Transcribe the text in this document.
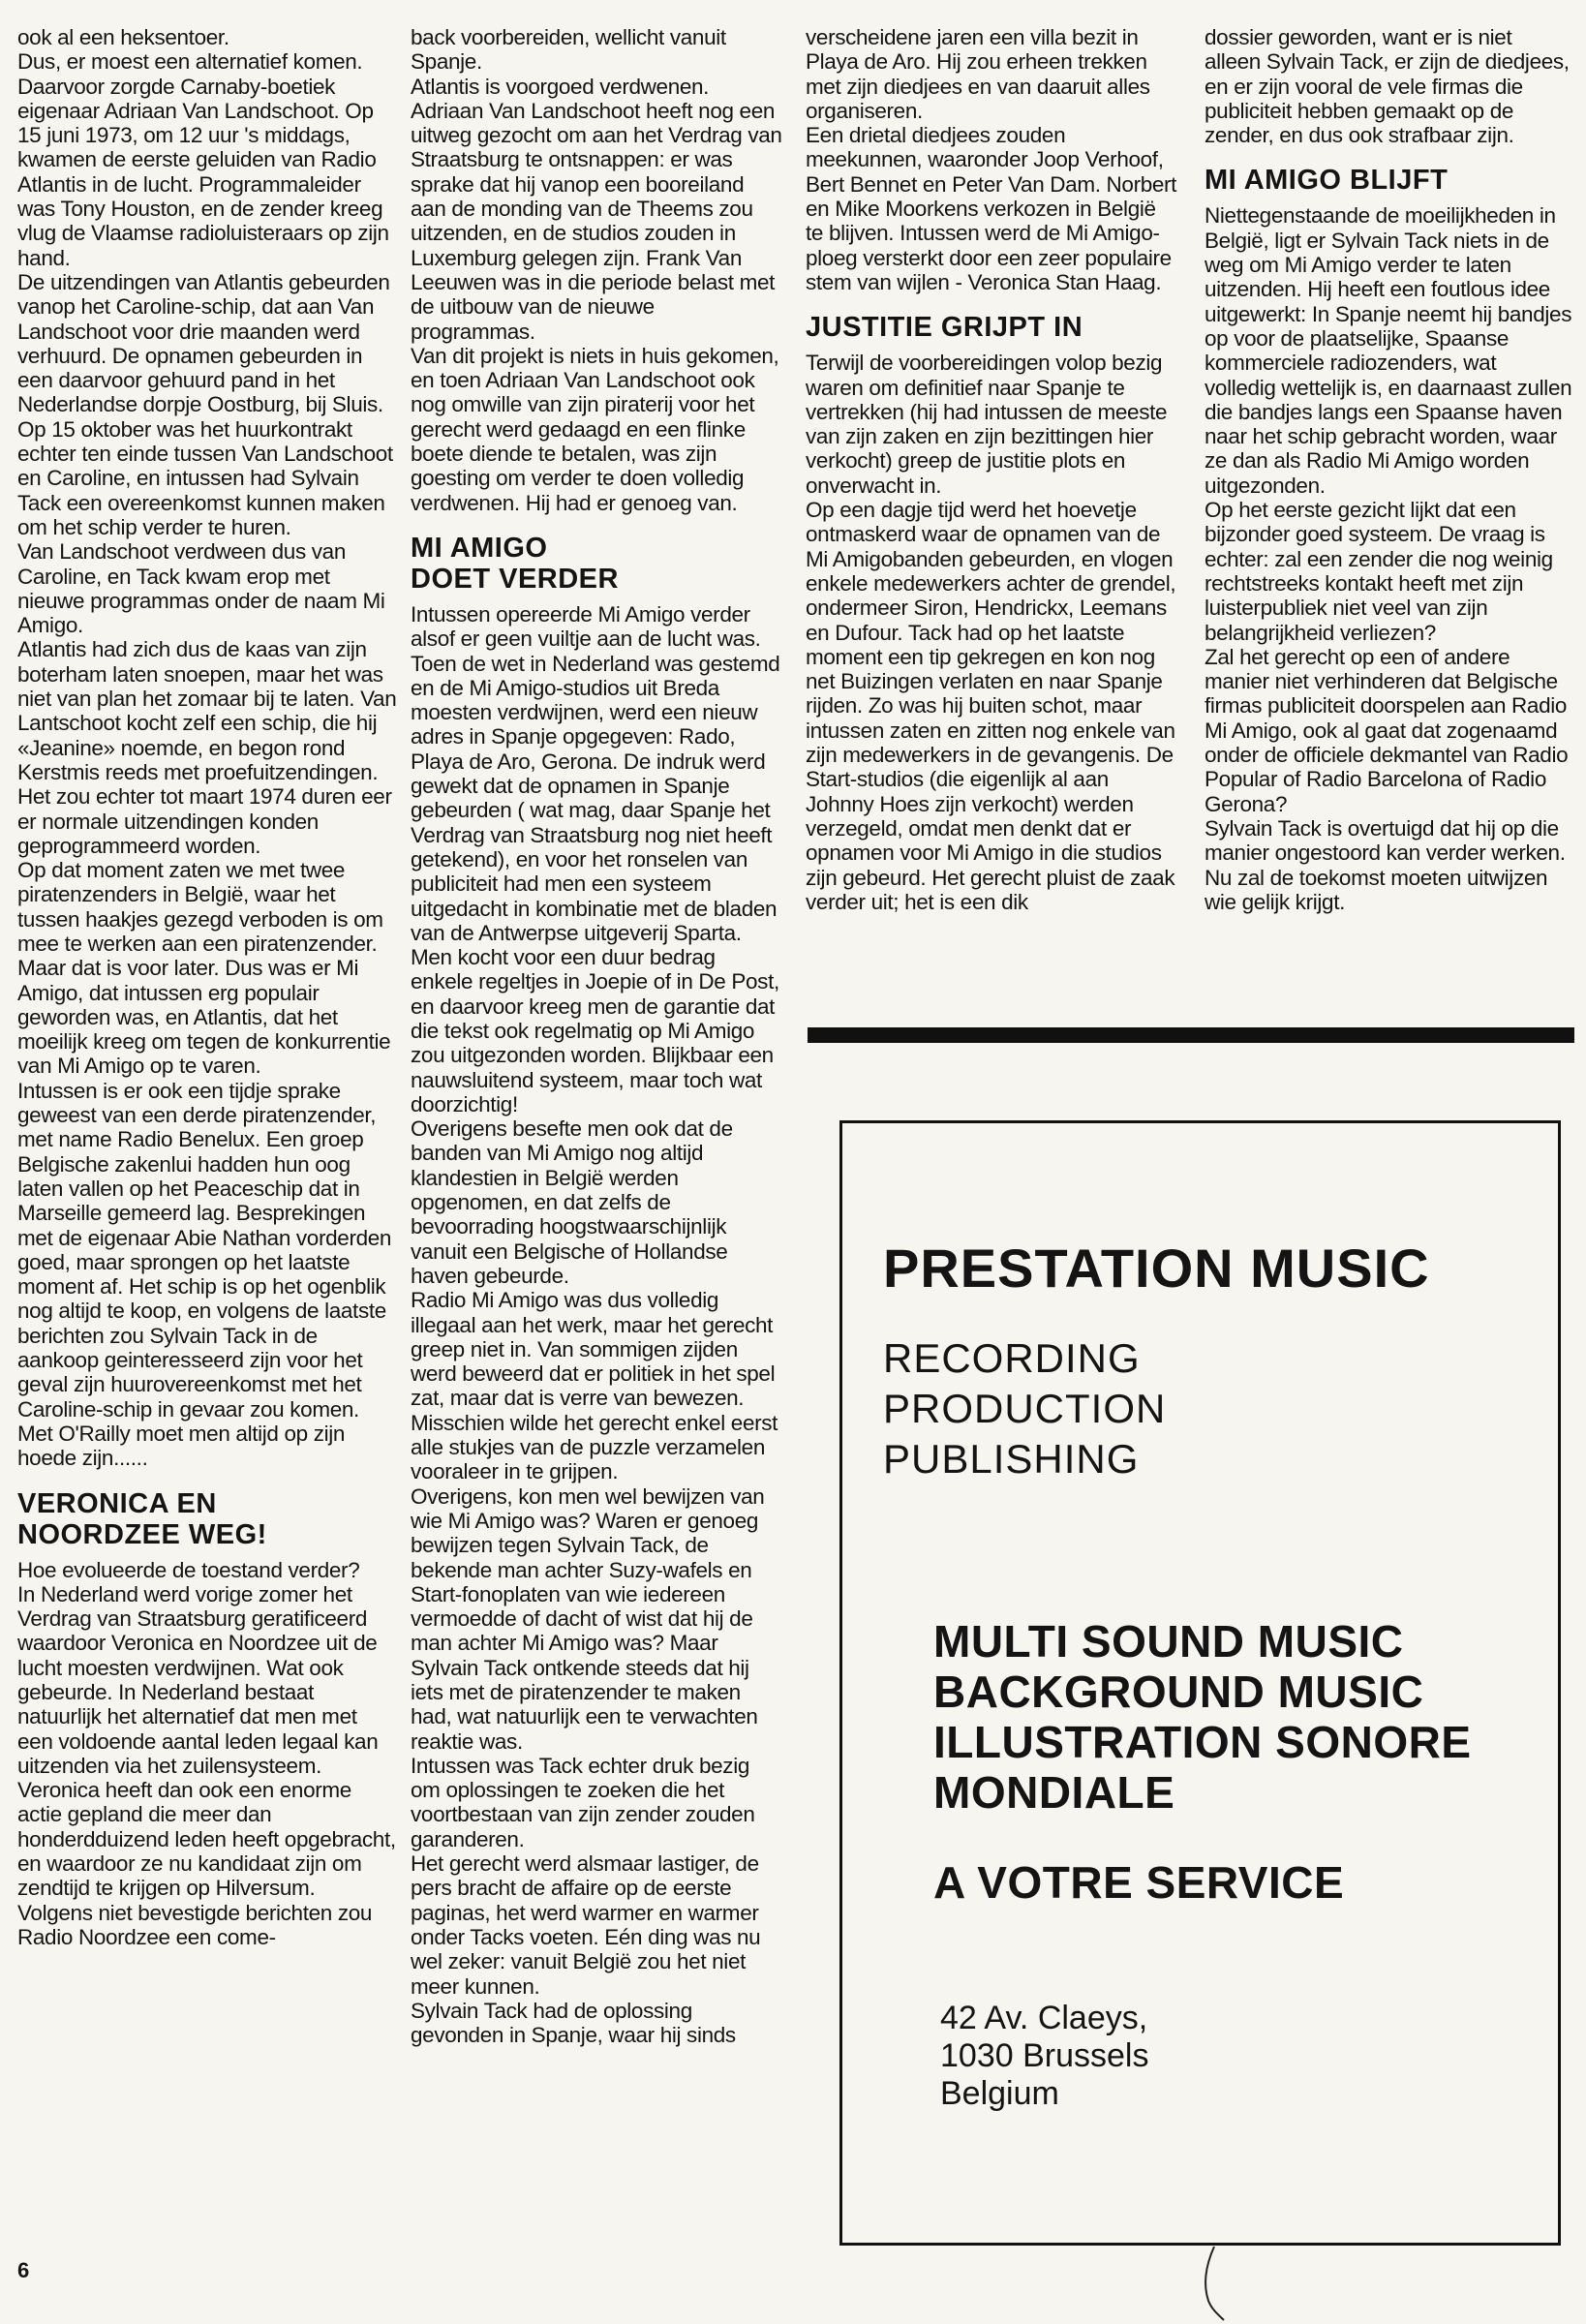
ook al een heksentoer.

Dus, er moest een alternatief komen.

Daarvoor zorgde Carnaby-boetiek eigenaar Adriaan Van Landschoot. Op 15 juni 1973, om 12 uur 's middags, kwamen de eerste geluiden van Radio Atlantis in de lucht. Programmaleider was Tony Houston, en de zender kreeg vlug de Vlaamse radioluisteraars op zijn hand.

De uitzendingen van Atlantis gebeurden vanop het Caroline-schip, dat aan Van Landschoot voor drie maanden werd verhuurd. De opnamen gebeurden in een daarvoor gehuurd pand in het Nederlandse dorpje Oostburg, bij Sluis.

Op 15 oktober was het huurkontrakt echter ten einde tussen Van Landschoot en Caroline, en intussen had Sylvain Tack een overeenkomst kunnen maken om het schip verder te huren.

Van Landschoot verdween dus van Caroline, en Tack kwam erop met nieuwe programmas onder de naam Mi Amigo.

Atlantis had zich dus de kaas van zijn boterham laten snoepen, maar het was niet van plan het zomaar bij te laten. Van Lantschoot kocht zelf een schip, die hij «Jeanine» noemde, en begon rond Kerstmis reeds met proefuitzendingen. Het zou echter tot maart 1974 duren eer er normale uitzendingen konden geprogrammeerd worden.

Op dat moment zaten we met twee piratenzenders in België, waar het tussen haakjes gezegd verboden is om mee te werken aan een piratenzender. Maar dat is voor later. Dus was er Mi Amigo, dat intussen erg populair geworden was, en Atlantis, dat het moeilijk kreeg om tegen de konkurrentie van Mi Amigo op te varen.

Intussen is er ook een tijdje sprake geweest van een derde piratenzender, met name Radio Benelux. Een groep Belgische zakenlui hadden hun oog laten vallen op het Peaceschip dat in Marseille gemeerd lag. Besprekingen met de eigenaar Abie Nathan vorderden goed, maar sprongen op het laatste moment af. Het schip is op het ogenblik nog altijd te koop, en volgens de laatste berichten zou Sylvain Tack in de aankoop geinteresseerd zijn voor het geval zijn huurovereenkomst met het Caroline-schip in gevaar zou komen. Met O'Railly moet men altijd op zijn hoede zijn......

VERONICA EN
NOORDZEE WEG!

Hoe evolueerde de toestand verder?

In Nederland werd vorige zomer het Verdrag van Straatsburg geratificeerd waardoor Veronica en Noordzee uit de lucht moesten verdwijnen. Wat ook gebeurde. In Nederland bestaat natuurlijk het alternatief dat men met een voldoende aantal leden legaal kan uitzenden via het zuilensysteem. Veronica heeft dan ook een enorme actie gepland die meer dan honderdduizend leden heeft opgebracht, en waardoor ze nu kandidaat zijn om zendtijd te krijgen op Hilversum.

Volgens niet bevestigde berichten zou Radio Noordzee een come-

back voorbereiden, wellicht vanuit Spanje.

Atlantis is voorgoed verdwenen. Adriaan Van Landschoot heeft nog een uitweg gezocht om aan het Verdrag van Straatsburg te ontsnappen: er was sprake dat hij vanop een booreiland aan de monding van de Theems zou uitzenden, en de studios zouden in Luxemburg gelegen zijn. Frank Van Leeuwen was in die periode belast met de uitbouw van de nieuwe programmas.

Van dit projekt is niets in huis gekomen, en toen Adriaan Van Landschoot ook nog omwille van zijn piraterij voor het gerecht werd gedaagd en een flinke boete diende te betalen, was zijn goesting om verder te doen volledig verdwenen. Hij had er genoeg van.

MI AMIGO
DOET VERDER

Intussen opereerde Mi Amigo verder alsof er geen vuiltje aan de lucht was. Toen de wet in Nederland was gestemd en de Mi Amigo-studios uit Breda moesten verdwijnen, werd een nieuw adres in Spanje opgegeven: Rado, Playa de Aro, Gerona. De indruk werd gewekt dat de opnamen in Spanje gebeurden ( wat mag, daar Spanje het Verdrag van Straatsburg nog niet heeft getekend), en voor het ronselen van publiciteit had men een systeem uitgedacht in kombinatie met de bladen van de Antwerpse uitgeverij Sparta. Men kocht voor een duur bedrag enkele regeltjes in Joepie of in De Post, en daarvoor kreeg men de garantie dat die tekst ook regelmatig op Mi Amigo zou uitgezonden worden. Blijkbaar een nauwsluitend systeem, maar toch wat doorzichtig!

Overigens besefte men ook dat de banden van Mi Amigo nog altijd klandestien in België werden opgenomen, en dat zelfs de bevoorrading hoogstwaarschijnlijk vanuit een Belgische of Hollandse haven gebeurde.

Radio Mi Amigo was dus volledig illegaal aan het werk, maar het gerecht greep niet in. Van sommigen zijden werd beweerd dat er politiek in het spel zat, maar dat is verre van bewezen. Misschien wilde het gerecht enkel eerst alle stukjes van de puzzle verzamelen vooraleer in te grijpen.

Overigens, kon men wel bewijzen van wie Mi Amigo was? Waren er genoeg bewijzen tegen Sylvain Tack, de bekende man achter Suzy-wafels en Start-fonoplaten van wie iedereen vermoedde of dacht of wist dat hij de man achter Mi Amigo was? Maar Sylvain Tack ontkende steeds dat hij iets met de piratenzender te maken had, wat natuurlijk een te verwachten reaktie was.

Intussen was Tack echter druk bezig om oplossingen te zoeken die het voortbestaan van zijn zender zouden garanderen.

Het gerecht werd alsmaar lastiger, de pers bracht de affaire op de eerste paginas, het werd warmer en warmer onder Tacks voeten. Eén ding was nu wel zeker: vanuit België zou het niet meer kunnen.

Sylvain Tack had de oplossing gevonden in Spanje, waar hij sinds

verscheidene jaren een villa bezit in Playa de Aro. Hij zou erheen trekken met zijn diedjees en van daaruit alles organiseren.

Een drietal diedjees zouden meekunnen, waaronder Joop Verhoof, Bert Bennet en Peter Van Dam. Norbert en Mike Moorkens verkozen in België te blijven. Intussen werd de Mi Amigo-ploeg versterkt door een zeer populaire stem van wijlen - Veronica Stan Haag.

JUSTITIE GRIJPT IN

Terwijl de voorbereidingen volop bezig waren om definitief naar Spanje te vertrekken (hij had intussen de meeste van zijn zaken en zijn bezittingen hier verkocht) greep de justitie plots en onverwacht in.

Op een dagje tijd werd het hoevetje ontmaskerd waar de opnamen van de Mi Amigobanden gebeurden, en vlogen enkele medewerkers achter de grendel, ondermeer Siron, Hendrickx, Leemans en Dufour. Tack had op het laatste moment een tip gekregen en kon nog net Buizingen verlaten en naar Spanje rijden. Zo was hij buiten schot, maar intussen zaten en zitten nog enkele van zijn medewerkers in de gevangenis. De Start-studios (die eigenlijk al aan Johnny Hoes zijn verkocht) werden verzegeld, omdat men denkt dat er opnamen voor Mi Amigo in die studios zijn gebeurd. Het gerecht pluist de zaak verder uit; het is een dik

dossier geworden, want er is niet alleen Sylvain Tack, er zijn de diedjees, en er zijn vooral de vele firmas die publiciteit hebben gemaakt op de zender, en dus ook strafbaar zijn.

MI AMIGO BLIJFT

Niettegenstaande de moeilijkheden in België, ligt er Sylvain Tack niets in de weg om Mi Amigo verder te laten uitzenden. Hij heeft een foutlous idee uitgewerkt: In Spanje neemt hij bandjes op voor de plaatselijke, Spaanse kommerciele radiozenders, wat volledig wettelijk is, en daarnaast zullen die bandjes langs een Spaanse haven naar het schip gebracht worden, waar ze dan als Radio Mi Amigo worden uitgezonden.

Op het eerste gezicht lijkt dat een bijzonder goed systeem. De vraag is echter: zal een zender die nog weinig rechtstreeks kontakt heeft met zijn luisterpubliek niet veel van zijn belangrijkheid verliezen?

Zal het gerecht op een of andere manier niet verhinderen dat Belgische firmas publiciteit doorspelen aan Radio Mi Amigo, ook al gaat dat zogenaamd onder de officiele dekmantel van Radio Popular of Radio Barcelona of Radio Gerona?

Sylvain Tack is overtuigd dat hij op die manier ongestoord kan verder werken. Nu zal de toekomst moeten uitwijzen wie gelijk krijgt.

6
PRESTATION MUSIC
RECORDING
PRODUCTION
PUBLISHING
MULTI SOUND MUSIC
BACKGROUND MUSIC
ILLUSTRATION SONORE
MONDIALE
A VOTRE SERVICE
42 Av. Claeys,
1030 Brussels
Belgium
